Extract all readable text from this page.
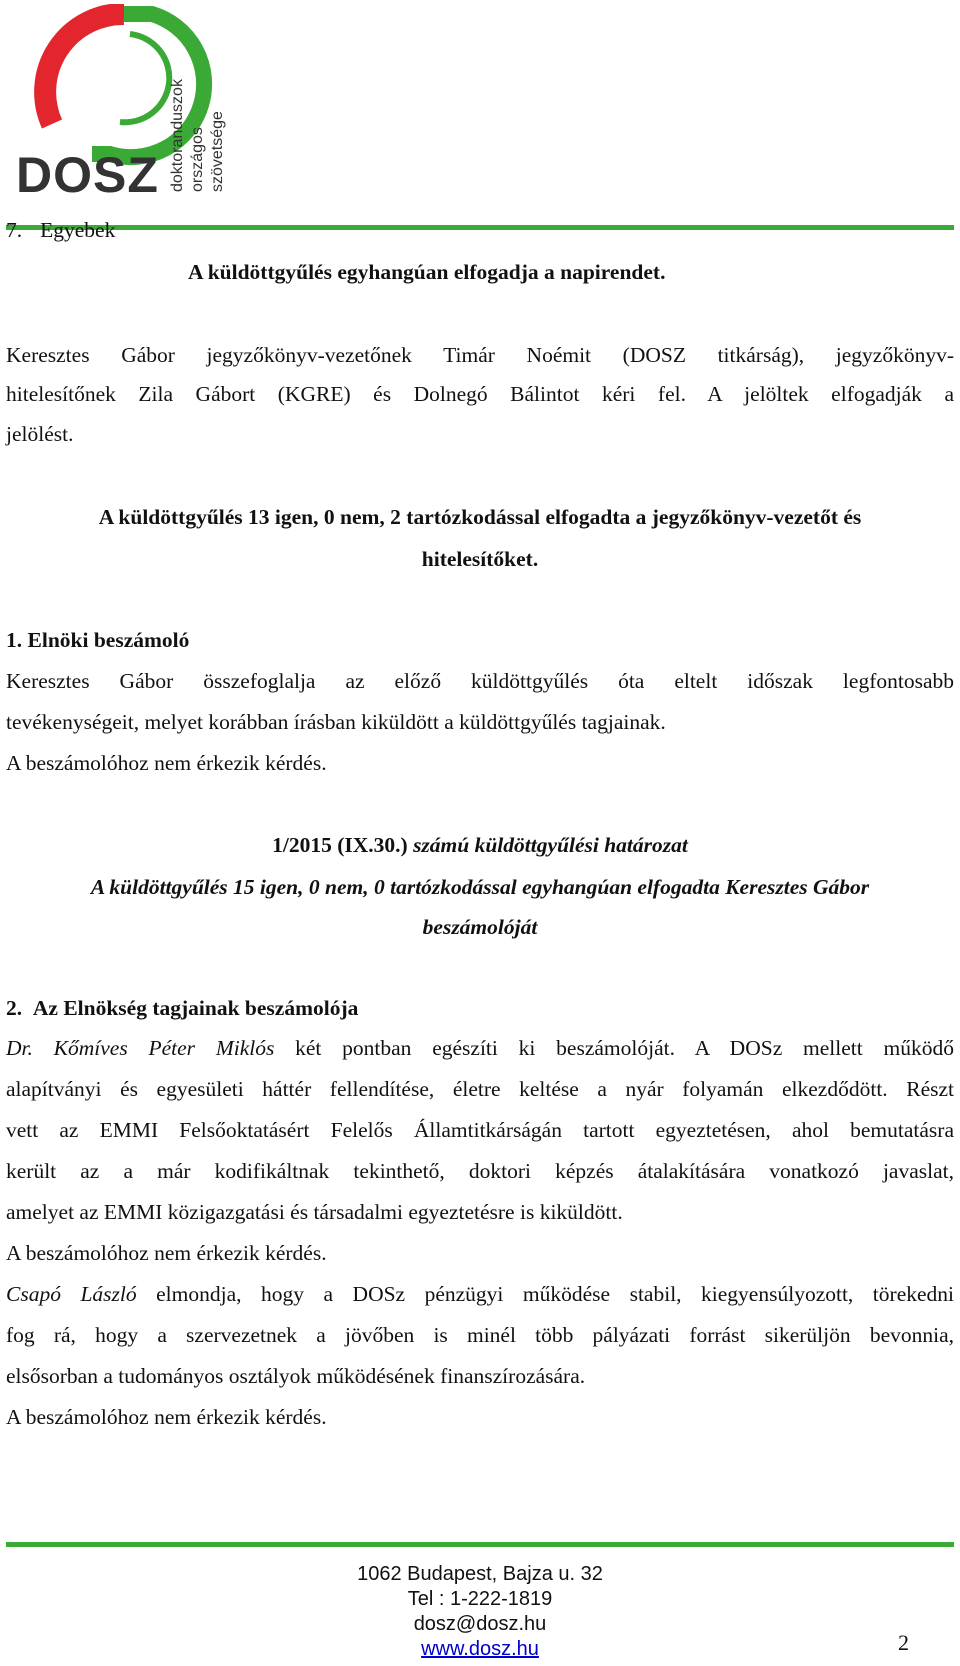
DOSZ doktoranduszok országos szövetsége
7. Egyebek
A küldöttgyűlés egyhangúan elfogadja a napirendet.
Keresztes Gábor jegyzőkönyv-vezetőnek Timár Noémit (DOSZ titkárság), jegyzőkönyv-
hitelesítőnek Zila Gábort (KGRE) és Dolnegó Bálintot kéri fel. A jelöltek elfogadják a
jelölést.
A küldöttgyűlés 13 igen, 0 nem, 2 tartózkodással elfogadta a jegyzőkönyv-vezetőt és
hitelesítőket.
1. Elnöki beszámoló
Keresztes Gábor összefoglalja az előző küldöttgyűlés óta eltelt időszak legfontosabb
tevékenységeit, melyet korábban írásban kiküldött a küldöttgyűlés tagjainak.
A beszámolóhoz nem érkezik kérdés.
1/2015 (IX.30.) számú küldöttgyűlési határozat
A küldöttgyűlés 15 igen, 0 nem, 0 tartózkodással egyhangúan elfogadta Keresztes Gábor
beszámolóját
2.  Az Elnökség tagjainak beszámolója
Dr. Kőmíves Péter Miklós két pontban egészíti ki beszámolóját. A DOSz mellett működő
alapítványi és egyesületi háttér fellendítése, életre keltése a nyár folyamán elkezdődött. Részt
vett az EMMI Felsőoktatásért Felelős Államtitkárságán tartott egyeztetésen, ahol bemutatásra
került az a már kodifikáltnak tekinthető, doktori képzés átalakítására vonatkozó javaslat,
amelyet az EMMI közigazgatási és társadalmi egyeztetésre is kiküldött.
A beszámolóhoz nem érkezik kérdés.
Csapó László elmondja, hogy a DOSz pénzügyi működése stabil, kiegyensúlyozott, törekedni
fog rá, hogy a szervezetnek a jövőben is minél több pályázati forrást sikerüljön bevonnia,
elsősorban a tudományos osztályok működésének finanszírozására.
A beszámolóhoz nem érkezik kérdés.
1062 Budapest, Bajza u. 32
Tel : 1-222-1819
dosz@dosz.hu
www.dosz.hu	2
